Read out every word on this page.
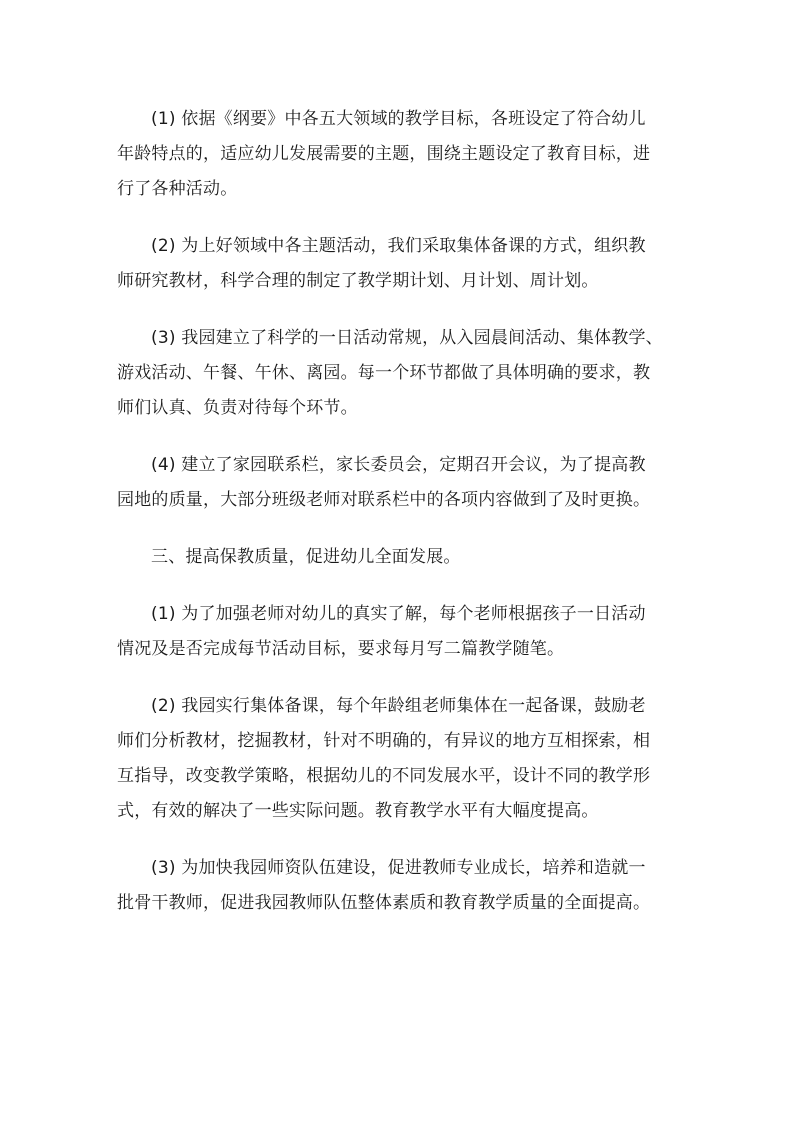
(1) 依据《纲要》中各五大领域的教学目标，各班设定了符合幼儿
年龄特点的，适应幼儿发展需要的主题，围绕主题设定了教育目标，进
行了各种活动。

(2) 为上好领域中各主题活动，我们采取集体备课的方式，组织教
师研究教材，科学合理的制定了教学期计划、月计划、周计划。

(3) 我园建立了科学的一日活动常规，从入园晨间活动、集体教学、
游戏活动、午餐、午休、离园。每一个环节都做了具体明确的要求，教
师们认真、负责对待每个环节。

(4) 建立了家园联系栏，家长委员会，定期召开会议，为了提高教
园地的质量，大部分班级老师对联系栏中的各项内容做到了及时更换。

三、提高保教质量，促进幼儿全面发展。

(1) 为了加强老师对幼儿的真实了解，每个老师根据孩子一日活动
情况及是否完成每节活动目标，要求每月写二篇教学随笔。

(2) 我园实行集体备课，每个年龄组老师集体在一起备课，鼓励老
师们分析教材，挖掘教材，针对不明确的，有异议的地方互相探索，相
互指导，改变教学策略，根据幼儿的不同发展水平，设计不同的教学形
式，有效的解决了一些实际问题。教育教学水平有大幅度提高。

(3) 为加快我园师资队伍建设，促进教师专业成长，培养和造就一
批骨干教师，促进我园教师队伍整体素质和教育教学质量的全面提高。
